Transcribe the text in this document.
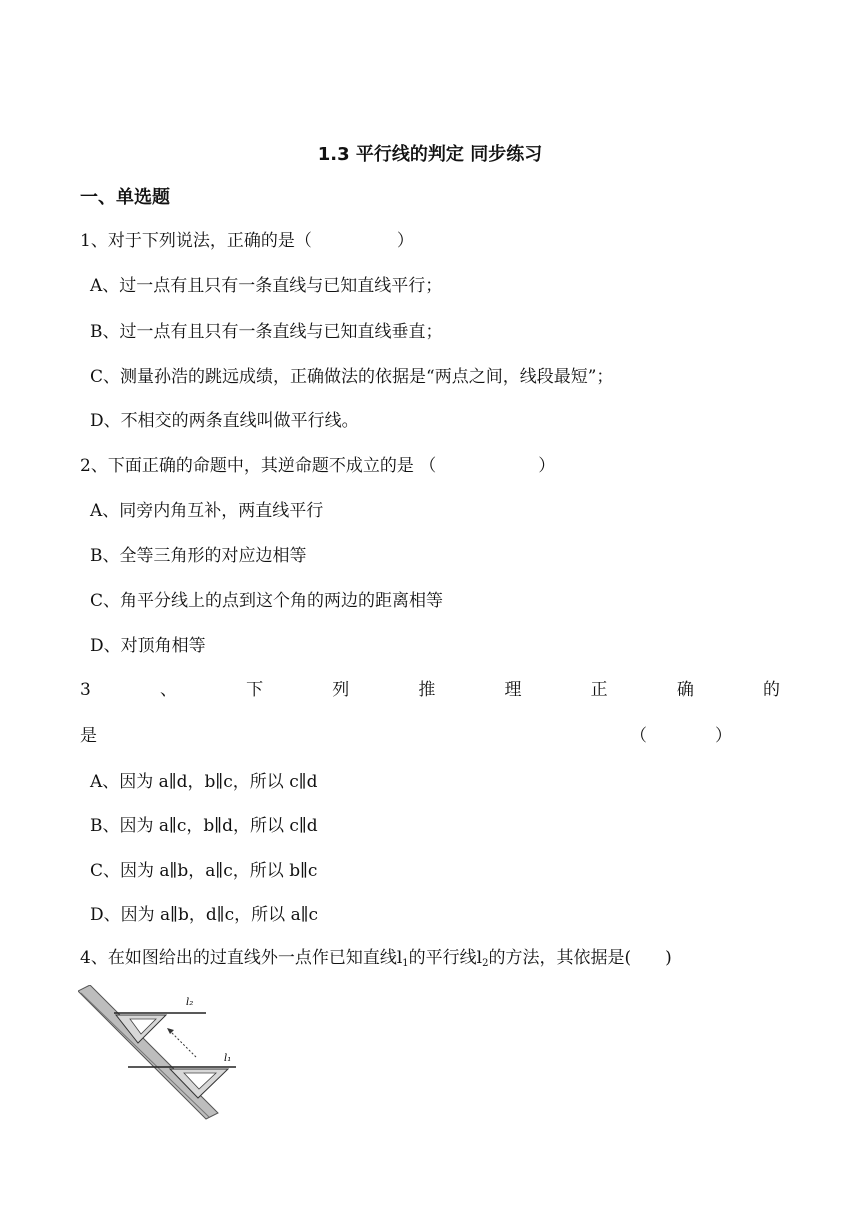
1.3 平行线的判定 同步练习
一、单选题
1、对于下列说法，正确的是（　　　　　）
A、过一点有且只有一条直线与已知直线平行；
B、过一点有且只有一条直线与已知直线垂直；
C、测量孙浩的跳远成绩，正确做法的依据是“两点之间，线段最短”；
D、不相交的两条直线叫做平行线。
2、下面正确的命题中，其逆命题不成立的是 （　　　　　　）
A、同旁内角互补，两直线平行
B、全等三角形的对应边相等
C、角平分线上的点到这个角的两边的距离相等
D、对顶角相等
3	、	下	列	推	理	正	确	的
是	（　　　　）
A、因为 a∥d，b∥c，所以 c∥d
B、因为 a∥c，b∥d，所以 c∥d
C、因为 a∥b，a∥c，所以 b∥c
D、因为 a∥b，d∥c，所以 a∥c
4、在如图给出的过直线外一点作已知直线$l_1$的平行线$l_2$的方法，其依据是(　　)
l₂
l₁
